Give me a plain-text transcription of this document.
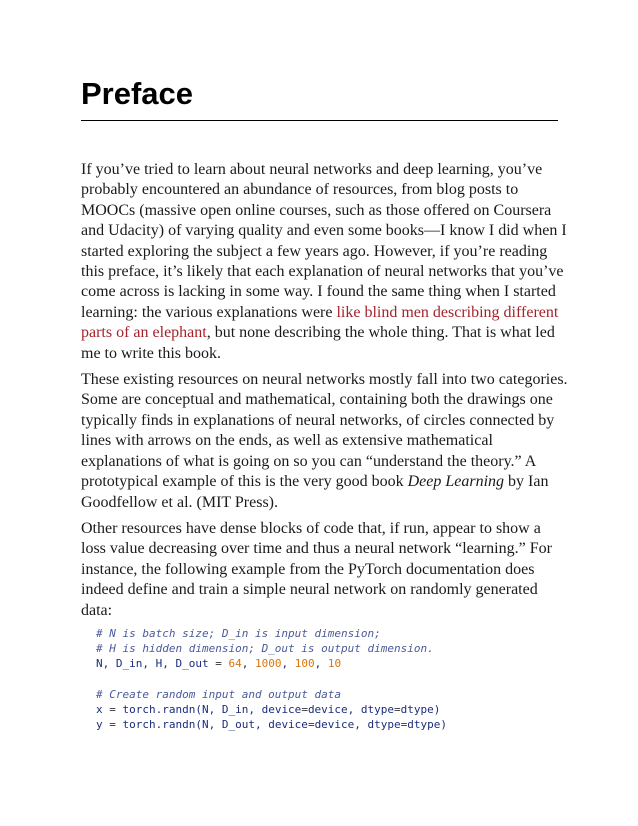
Preface
If you’ve tried to learn about neural networks and deep learning, you’ve
probably encountered an abundance of resources, from blog posts to
MOOCs (massive open online courses, such as those offered on Coursera
and Udacity) of varying quality and even some books—I know I did when I
started exploring the subject a few years ago. However, if you’re reading
this preface, it’s likely that each explanation of neural networks that you’ve
come across is lacking in some way. I found the same thing when I started
learning: the various explanations were like blind men describing different
parts of an elephant, but none describing the whole thing. That is what led
me to write this book.
These existing resources on neural networks mostly fall into two categories.
Some are conceptual and mathematical, containing both the drawings one
typically finds in explanations of neural networks, of circles connected by
lines with arrows on the ends, as well as extensive mathematical
explanations of what is going on so you can “understand the theory.” A
prototypical example of this is the very good book Deep Learning by Ian
Goodfellow et al. (MIT Press).
Other resources have dense blocks of code that, if run, appear to show a
loss value decreasing over time and thus a neural network “learning.” For
instance, the following example from the PyTorch documentation does
indeed define and train a simple neural network on randomly generated
data:
# N is batch size; D_in is input dimension;
# H is hidden dimension; D_out is output dimension.
N, D_in, H, D_out = 64, 1000, 100, 10
# Create random input and output data
x = torch.randn(N, D_in, device=device, dtype=dtype)
y = torch.randn(N, D_out, device=device, dtype=dtype)
